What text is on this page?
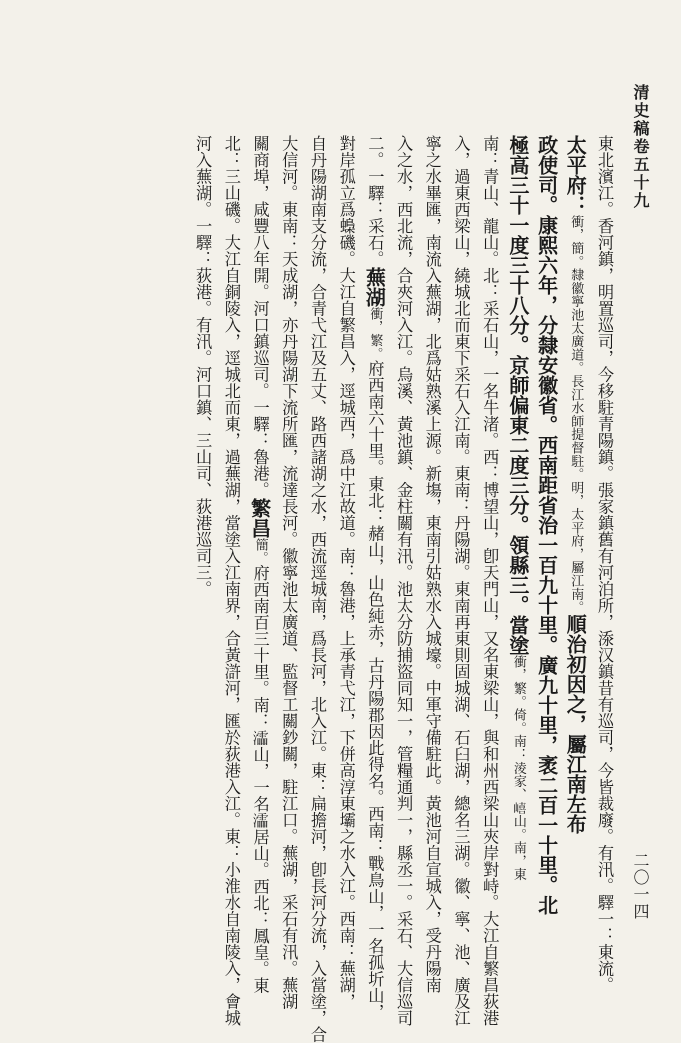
清史稿卷五十九
二〇一四
東北濱江。香河鎮，明置巡司，今移駐青陽鎮。張家鎮舊有河泊所，𣷹汉鎮昔有巡司，今皆裁廢。有汛。驛一：東流。
太平府：衝，簡。隸徽寧池太廣道。長江水師提督駐。明，太平府，屬江南。順治初因之，屬江南左布
政使司。康熙六年，分隸安徽省。西南距省治一百九十里。廣九十里，袤二百一十里。北
極高三十一度三十八分。京師偏東二度三分。領縣三。當塗衝，繁。倚。南：淩家、𡼎山。南，東
南：青山、龍山。北：采石山，一名牛渚。西：博望山，卽天門山，又名東梁山，與和州西梁山夾岸對峙。大江自繁昌荻港
入，過東西梁山，繞城北而東下采石入江南。東南：丹陽湖。東南再東則固城湖、石臼湖，總名三湖。徽、寧、池、廣及江
寧之水畢匯，南流入蕪湖，北爲姑熟溪上源。新塲，東南引姑熟水入城壕。中軍守備駐此。黃池河自宣城入，受丹陽南
入之水，西北流，合夾河入江。烏溪、黃池鎮、金柱關有汛。池太分防捕盜同知一，管糧通判一，縣丞一。采石、大信巡司
二。一驛：采石。蕪湖衝，繁。府西南六十里。東北：赭山，山色純赤，古丹陽郡因此得名。西南：戰鳥山，一名孤圻山，
對岸孤立爲蟂磯。大江自繁昌入，逕城西，爲中江故道。南：魯港，上承青弋江，下併高淳東壩之水入江。西南：蕪湖，
自丹陽湖南支分流，合青弋江及五丈、路西諸湖之水，西流逕城南，爲長河，北入江。東：扁擔河，卽長河分流，入當塗，合
大信河。東南：天成湖，亦丹陽湖下流所匯，流達長河。徽寧池太廣道、監督工關鈔關，駐江口。蕪湖，采石有汛。蕪湖
關商埠，咸豐八年開。河口鎮巡司。一驛：魯港。繁昌簡。府西南百三十里。南：𤃩山，一名𤃩居山。西北：鳳皇。東
北：三山磯。大江自銅陵入，逕城北而東，過蕪湖，當塗入江南界，合黃滸河，匯於荻港入江。東：小淮水自南陵入，會城
河入蕪湖。一驛：荻港。有汛。河口鎮、三山司、荻港巡司三。
